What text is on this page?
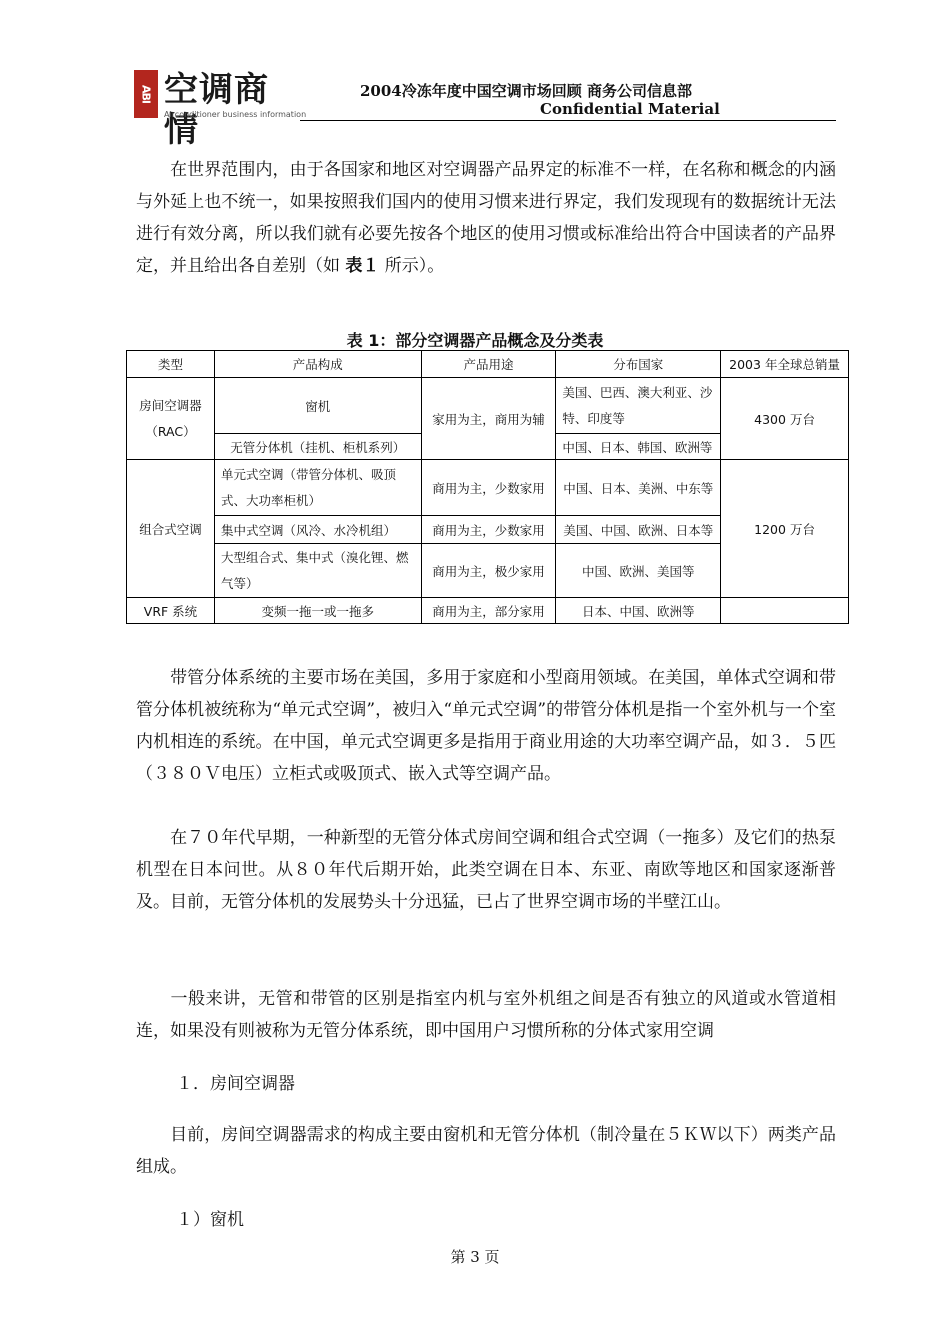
ABI 空调商情
Airconditioner business information
2004冷冻年度中国空调市场回顾 商务公司信息部
Confidential Material

在世界范围内，由于各国家和地区对空调器产品界定的标准不一样，在名称和概念的内涵与外延上也不统一，如果按照我们国内的使用习惯来进行界定，我们发现现有的数据统计无法进行有效分离，所以我们就有必要先按各个地区的使用习惯或标准给出符合中国读者的产品界定，并且给出各自差别（如 表１ 所示）。

表 1：部分空调器产品概念及分类表
类型	产品构成	产品用途	分布国家	2003 年全球总销量
房间空调器（RAC）	窗机	家用为主，商用为辅	美国、巴西、澳大利亚、沙特、印度等	4300 万台
	无管分体机（挂机、柜机系列）		中国、日本、韩国、欧洲等	
组合式空调	单元式空调（带管分体机、吸顶式、大功率柜机）	商用为主，少数家用	中国、日本、美洲、中东等	1200 万台
	集中式空调（风冷、水冷机组）	商用为主，少数家用	美国、中国、欧洲、日本等	
	大型组合式、集中式（溴化锂、燃气等）	商用为主，极少家用	中国、欧洲、美国等	
VRF 系统	变频一拖一或一拖多	商用为主，部分家用	日本、中国、欧洲等	

带管分体系统的主要市场在美国，多用于家庭和小型商用领域。在美国，单体式空调和带管分体机被统称为“单元式空调”，被归入“单元式空调”的带管分体机是指一个室外机与一个室内机相连的系统。在中国，单元式空调更多是指用于商业用途的大功率空调产品，如３．５匹（３８０Ｖ电压）立柜式或吸顶式、嵌入式等空调产品。

在７０年代早期，一种新型的无管分体式房间空调和组合式空调（一拖多）及它们的热泵机型在日本问世。从８０年代后期开始，此类空调在日本、东亚、南欧等地区和国家逐渐普及。目前，无管分体机的发展势头十分迅猛，已占了世界空调市场的半壁江山。

一般来讲，无管和带管的区别是指室内机与室外机组之间是否有独立的风道或水管道相连，如果没有则被称为无管分体系统，即中国用户习惯所称的分体式家用空调

１．房间空调器

目前，房间空调器需求的构成主要由窗机和无管分体机（制冷量在５ＫＷ以下）两类产品组成。

１）窗机
第 3 页
